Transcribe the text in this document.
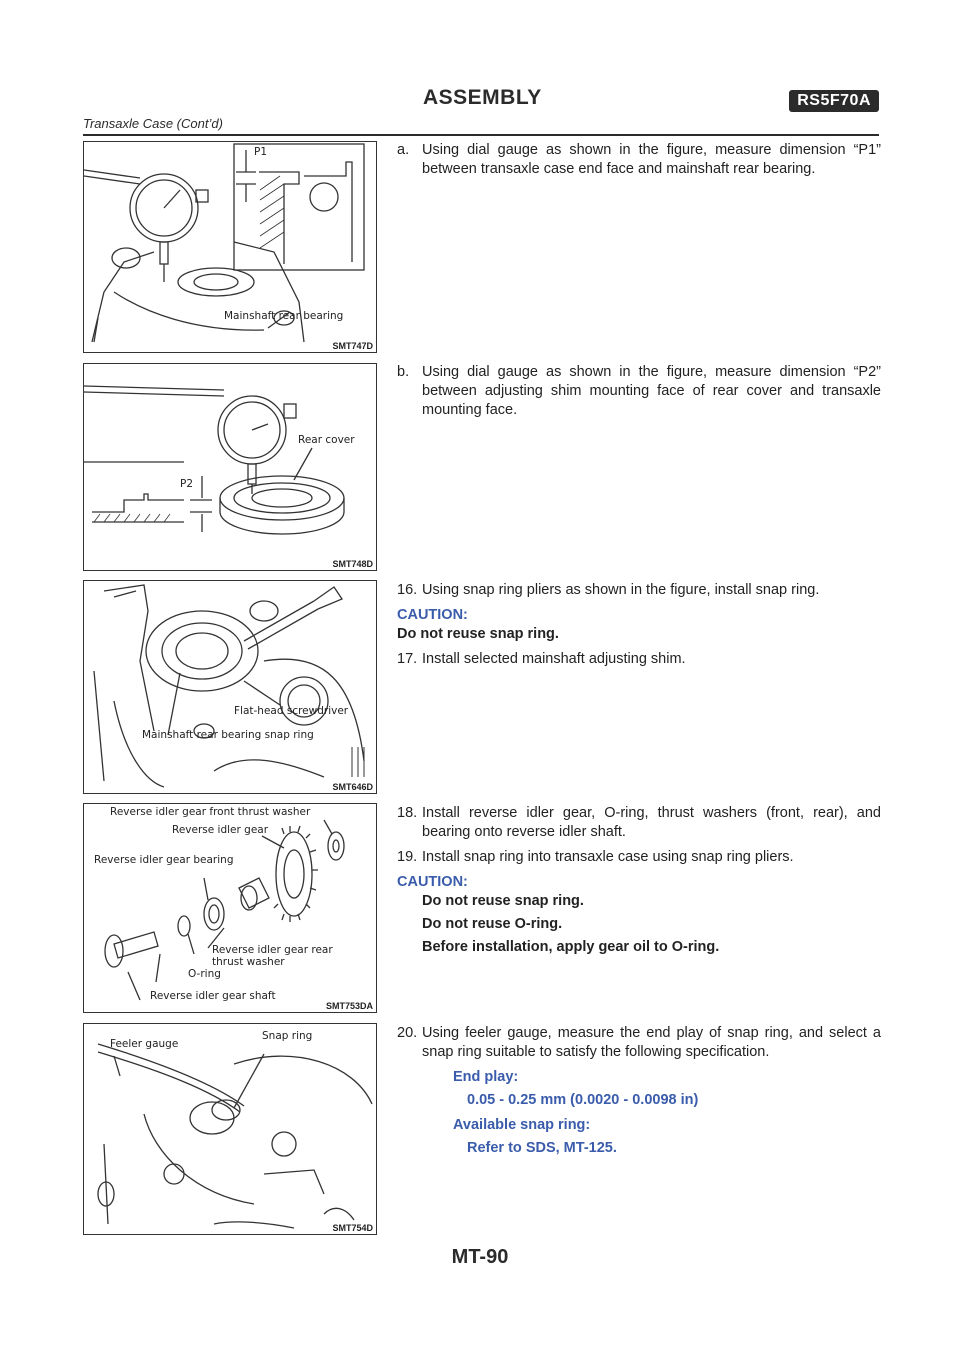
ASSEMBLY	RS5F70A
Transaxle Case (Cont’d)
P1
Mainshaft rear bearing
SMT747D
Rear cover
P2
SMT748D
Flat-head screwdriver
Mainshaft rear bearing snap ring
SMT646D
Reverse idler gear front thrust washer
Reverse idler gear
Reverse idler gear bearing
Reverse idler gear rear
thrust washer
O-ring
Reverse idler gear shaft
SMT753DA
Feeler gauge
Snap ring
SMT754D
a. Using dial gauge as shown in the figure, measure dimension “P1” between transaxle case end face and mainshaft rear bearing.
b. Using dial gauge as shown in the figure, measure dimension “P2” between adjusting shim mounting face of rear cover and transaxle mounting face.
16. Using snap ring pliers as shown in the figure, install snap ring.
CAUTION:
Do not reuse snap ring.
17. Install selected mainshaft adjusting shim.
18. Install reverse idler gear, O-ring, thrust washers (front, rear), and bearing onto reverse idler shaft.
19. Install snap ring into transaxle case using snap ring pliers.
CAUTION:
Do not reuse snap ring.
Do not reuse O-ring.
Before installation, apply gear oil to O-ring.
20. Using feeler gauge, measure the end play of snap ring, and select a snap ring suitable to satisfy the following specification.
End play:
0.05 - 0.25 mm (0.0020 - 0.0098 in)
Available snap ring:
Refer to SDS, MT-125.
MT-90
